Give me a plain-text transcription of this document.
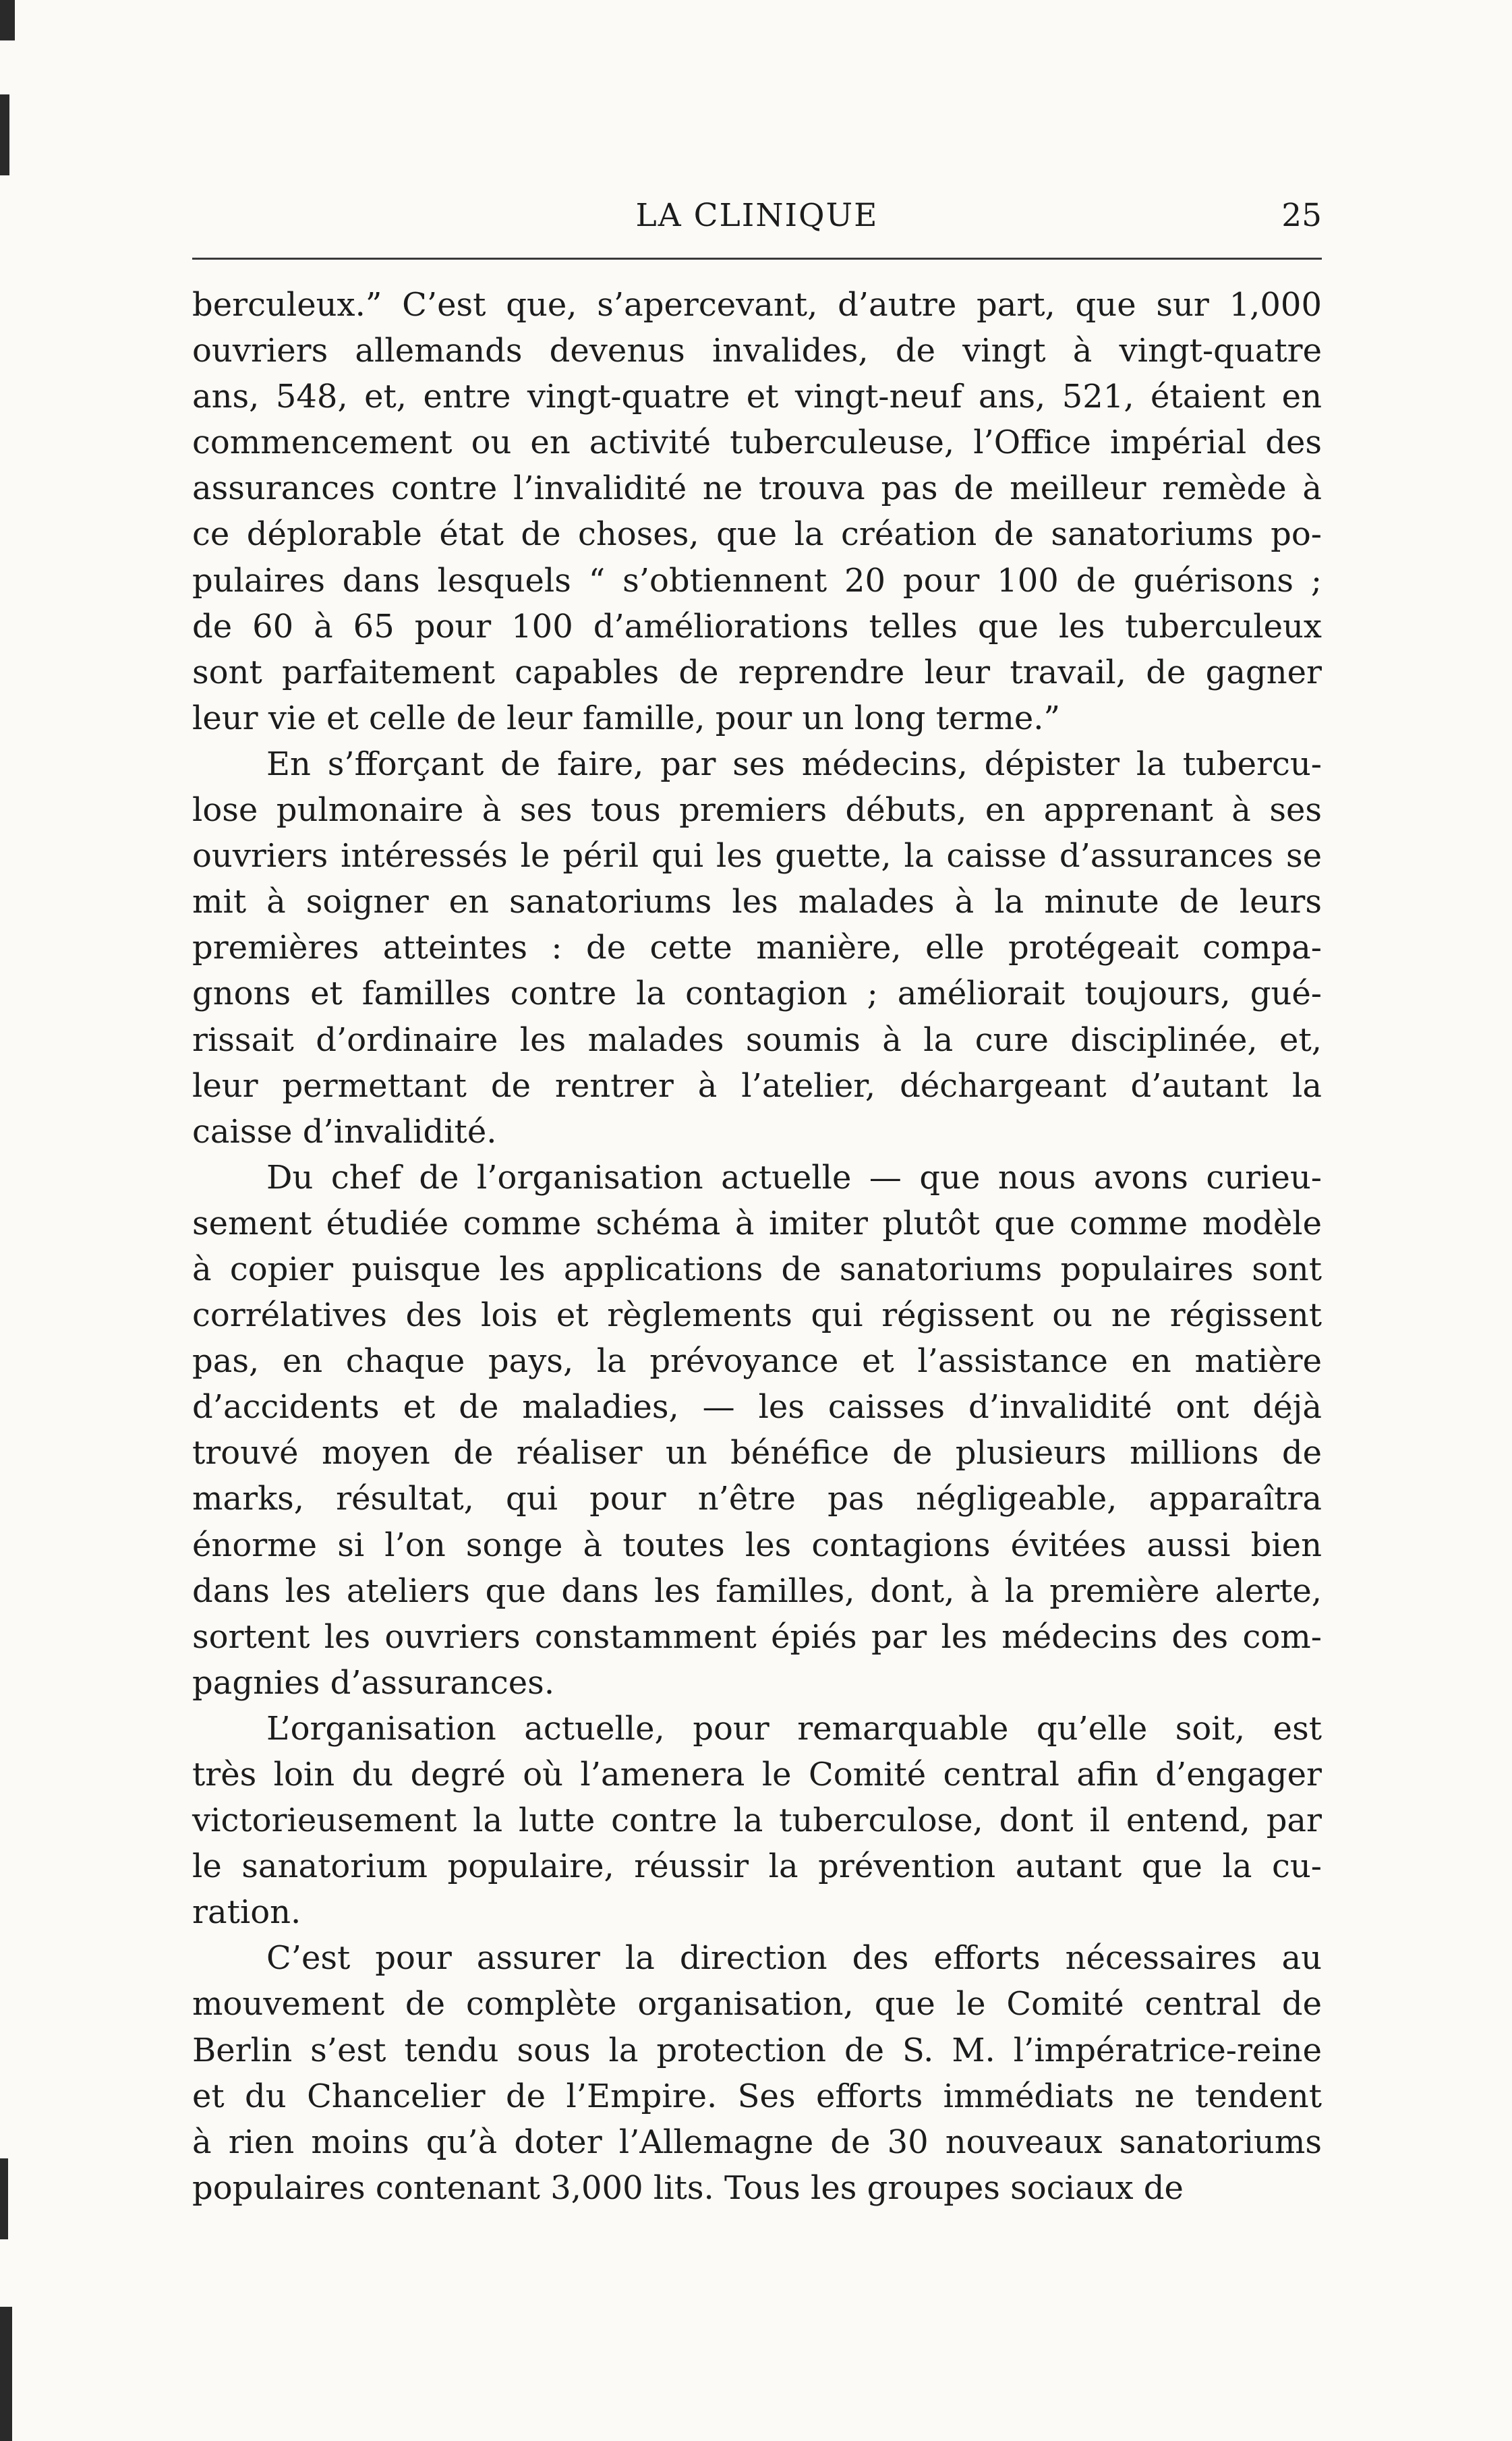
LA CLINIQUE	25
berculeux.” C’est que, s’apercevant, d’autre part, que sur 1,000
ouvriers allemands devenus invalides, de vingt à vingt-quatre
ans, 548, et, entre vingt-quatre et vingt-neuf ans, 521, étaient en
commencement ou en activité tuberculeuse, l’Office impérial des
assurances contre l’invalidité ne trouva pas de meilleur remède à
ce déplorable état de choses, que la création de sanatoriums po-
pulaires dans lesquels “ s’obtiennent 20 pour 100 de guérisons ;
de 60 à 65 pour 100 d’améliorations telles que les tuberculeux
sont parfaitement capables de reprendre leur travail, de gagner
leur vie et celle de leur famille, pour un long terme.”
En s’fforçant de faire, par ses médecins, dépister la tubercu-
lose pulmonaire à ses tous premiers débuts, en apprenant à ses
ouvriers intéressés le péril qui les guette, la caisse d’assurances se
mit à soigner en sanatoriums les malades à la minute de leurs
premières atteintes : de cette manière, elle protégeait compa-
gnons et familles contre la contagion ; améliorait toujours, gué-
rissait d’ordinaire les malades soumis à la cure disciplinée, et,
leur permettant de rentrer à l’atelier, déchargeant d’autant la
caisse d’invalidité.
Du chef de l’organisation actuelle — que nous avons curieu-
sement étudiée comme schéma à imiter plutôt que comme modèle
à copier puisque les applications de sanatoriums populaires sont
corrélatives des lois et règlements qui régissent ou ne régissent
pas, en chaque pays, la prévoyance et l’assistance en matière
d’accidents et de maladies, — les caisses d’invalidité ont déjà
trouvé moyen de réaliser un bénéfice de plusieurs millions de
marks, résultat, qui pour n’être pas négligeable, apparaîtra
énorme si l’on songe à toutes les contagions évitées aussi bien
dans les ateliers que dans les familles, dont, à la première alerte,
sortent les ouvriers constamment épiés par les médecins des com-
pagnies d’assurances.
L’organisation actuelle, pour remarquable qu’elle soit, est
très loin du degré où l’amenera le Comité central afin d’engager
victorieusement la lutte contre la tuberculose, dont il entend, par
le sanatorium populaire, réussir la prévention autant que la cu-
ration.
C’est pour assurer la direction des efforts nécessaires au
mouvement de complète organisation, que le Comité central de
Berlin s’est tendu sous la protection de S. M. l’impératrice-reine
et du Chancelier de l’Empire. Ses efforts immédiats ne tendent
à rien moins qu’à doter l’Allemagne de 30 nouveaux sanatoriums
populaires contenant 3,000 lits. Tous les groupes sociaux de
